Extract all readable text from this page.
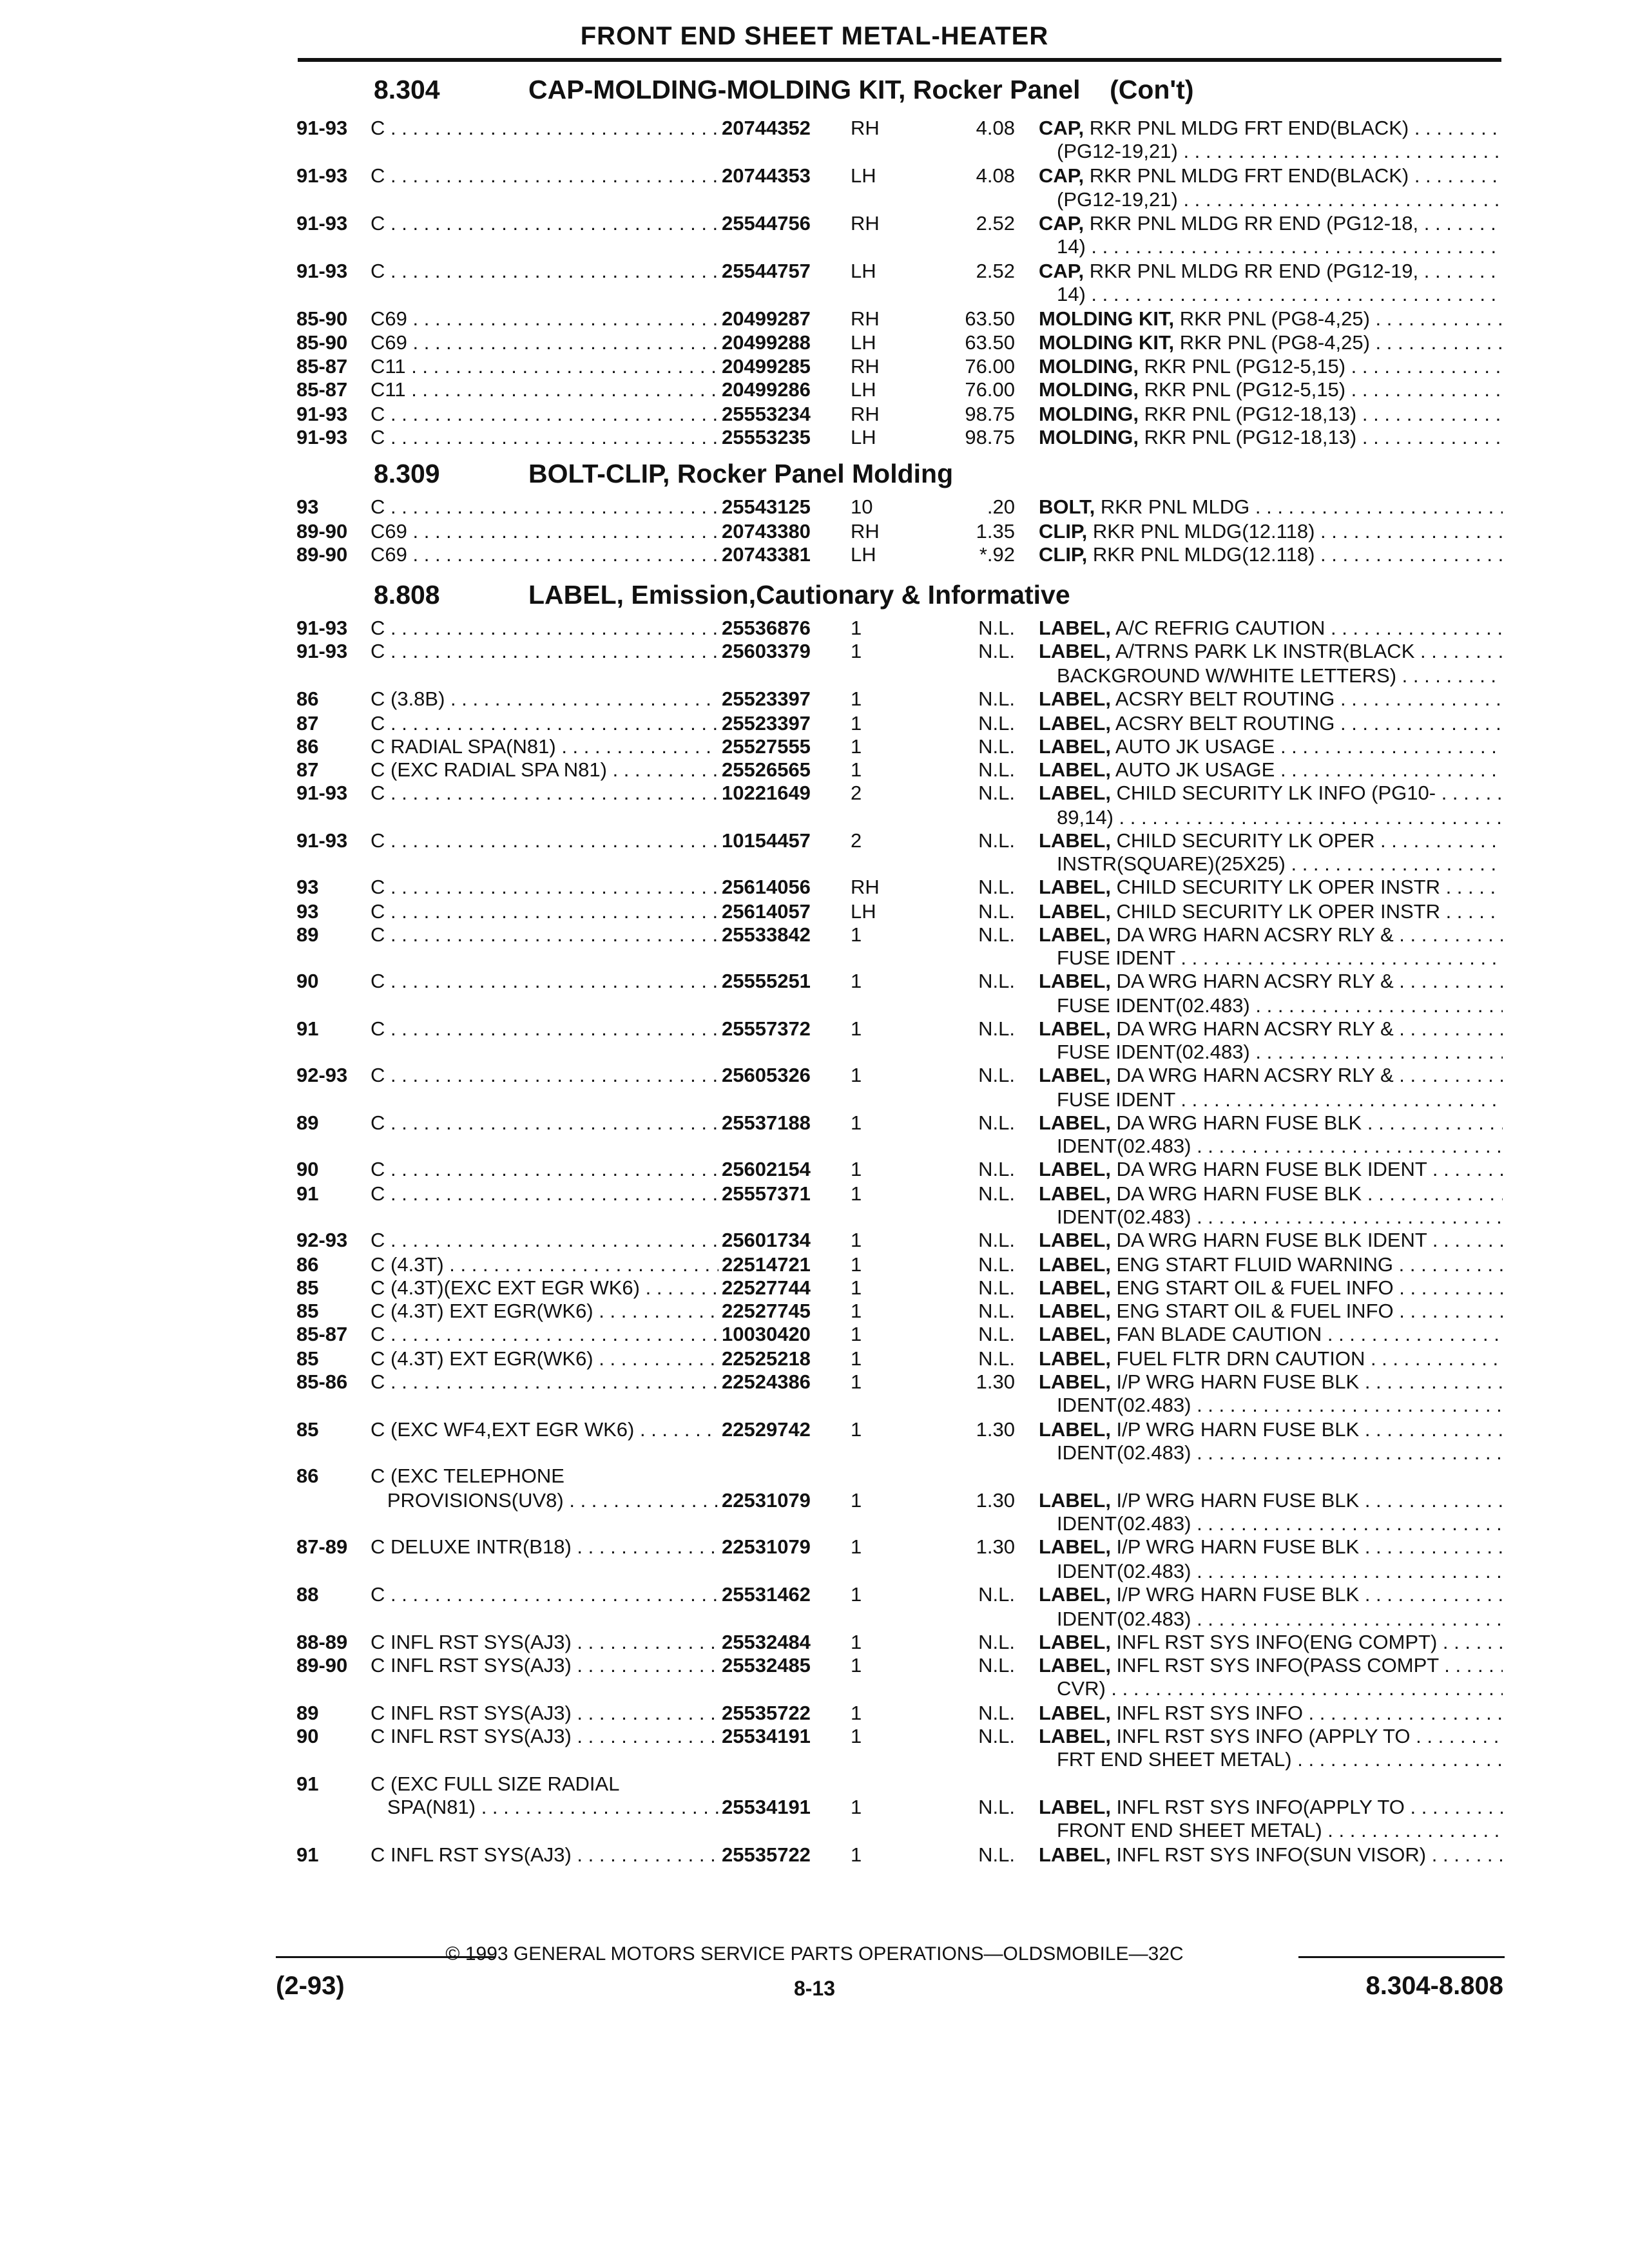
FRONT END SHEET METAL-HEATER
8.304	CAP-MOLDING-MOLDING KIT, Rocker Panel    (Con't)
8.309	BOLT-CLIP, Rocker Panel Molding
8.808	LABEL, Emission,Cautionary & Informative
91-93 C . . .	20744352 RH	4.08 CAP, RKR PNL MLDG FRT END(BLACK) . . .
(PG12-19,21) . . .
91-93 C . . .	20744353 LH	4.08 CAP, RKR PNL MLDG FRT END(BLACK) . . .
(PG12-19,21) . . .
91-93 C . . .	25544756 RH	2.52 CAP, RKR PNL MLDG RR END (PG12-18, . . .
14) . . .
91-93 C . . .	25544757 LH	2.52 CAP, RKR PNL MLDG RR END (PG12-19, . . .
14) . . .
85-90 C69 . . .	20499287 RH	63.50 MOLDING KIT, RKR PNL (PG8-4,25) . . .
85-90 C69 . . .	20499288 LH	63.50 MOLDING KIT, RKR PNL (PG8-4,25) . . .
85-87 C11 . . .	20499285 RH	76.00 MOLDING, RKR PNL (PG12-5,15) . . .
85-87 C11 . . .	20499286 LH	76.00 MOLDING, RKR PNL (PG12-5,15) . . .
91-93 C . . .	25553234 RH	98.75 MOLDING, RKR PNL (PG12-18,13) . . .
91-93 C . . .	25553235 LH	98.75 MOLDING, RKR PNL (PG12-18,13) . . .
93	C . . .	25543125 10	.20 BOLT, RKR PNL MLDG . . .
89-90 C69 . . .	20743380 RH	1.35 CLIP, RKR PNL MLDG(12.118) . . .
89-90 C69 . . .	20743381 LH	*.92 CLIP, RKR PNL MLDG(12.118) . . .
91-93 C . . .	25536876 1	N.L. LABEL, A/C REFRIG CAUTION . . .
91-93 C . . .	25603379 1	N.L. LABEL, A/TRNS PARK LK INSTR(BLACK . . .
BACKGROUND W/WHITE LETTERS) . . .
86	C (3.8B) . . .	25523397 1	N.L. LABEL, ACSRY BELT ROUTING . . .
87	C . . .	25523397 1	N.L. LABEL, ACSRY BELT ROUTING . . .
86	C RADIAL SPA(N81) . . .	25527555 1	N.L. LABEL, AUTO JK USAGE . . .
87	C (EXC RADIAL SPA N81) . . .	25526565 1	N.L. LABEL, AUTO JK USAGE . . .
91-93 C . . .	10221649 2	N.L. LABEL, CHILD SECURITY LK INFO (PG10- . . .
89,14) . . .
91-93 C . . .	10154457 2	N.L. LABEL, CHILD SECURITY LK OPER . . .
INSTR(SQUARE)(25X25) . . .
93	C . . .	25614056 RH	N.L. LABEL, CHILD SECURITY LK OPER INSTR . . .
93	C . . .	25614057 LH	N.L. LABEL, CHILD SECURITY LK OPER INSTR . . .
89	C . . .	25533842 1	N.L. LABEL, DA WRG HARN ACSRY RLY & . . .
FUSE IDENT . . .
90	C . . .	25555251 1	N.L. LABEL, DA WRG HARN ACSRY RLY & . . .
FUSE IDENT(02.483) . . .
91	C . . .	25557372 1	N.L. LABEL, DA WRG HARN ACSRY RLY & . . .
FUSE IDENT(02.483) . . .
92-93 C . . .	25605326 1	N.L. LABEL, DA WRG HARN ACSRY RLY & . . .
FUSE IDENT . . .
89	C . . .	25537188 1	N.L. LABEL, DA WRG HARN FUSE BLK . . .
IDENT(02.483) . . .
90	C . . .	25602154 1	N.L. LABEL, DA WRG HARN FUSE BLK IDENT . . .
91	C . . .	25557371 1	N.L. LABEL, DA WRG HARN FUSE BLK . . .
IDENT(02.483) . . .
92-93 C . . .	25601734 1	N.L. LABEL, DA WRG HARN FUSE BLK IDENT . . .
86	C (4.3T) . . .	22514721 1	N.L. LABEL, ENG START FLUID WARNING . . .
85	C (4.3T)(EXC EXT EGR WK6) . . .	22527744 1	N.L. LABEL, ENG START OIL & FUEL INFO . . .
85	C (4.3T) EXT EGR(WK6) . . .	22527745 1	N.L. LABEL, ENG START OIL & FUEL INFO . . .
85-87 C . . .	10030420 1	N.L. LABEL, FAN BLADE CAUTION . . .
85	C (4.3T) EXT EGR(WK6) . . .	22525218 1	N.L. LABEL, FUEL FLTR DRN CAUTION . . .
85-86 C . . .	22524386 1	1.30 LABEL, I/P WRG HARN FUSE BLK . . .
IDENT(02.483) . . .
85	C (EXC WF4,EXT EGR WK6) . . .	22529742 1	1.30 LABEL, I/P WRG HARN FUSE BLK . . .
IDENT(02.483) . . .
86	C (EXC TELEPHONE
PROVISIONS(UV8) . . .	22531079 1	1.30 LABEL, I/P WRG HARN FUSE BLK . . .
IDENT(02.483) . . .
87-89 C DELUXE INTR(B18) . . .	22531079 1	1.30 LABEL, I/P WRG HARN FUSE BLK . . .
IDENT(02.483) . . .
88	C . . .	25531462 1	N.L. LABEL, I/P WRG HARN FUSE BLK . . .
IDENT(02.483) . . .
88-89 C INFL RST SYS(AJ3) . . .	25532484 1	N.L. LABEL, INFL RST SYS INFO(ENG COMPT) . . .
89-90 C INFL RST SYS(AJ3) . . .	25532485 1	N.L. LABEL, INFL RST SYS INFO(PASS COMPT . . .
CVR) . . .
89	C INFL RST SYS(AJ3) . . .	25535722 1	N.L. LABEL, INFL RST SYS INFO . . .
90	C INFL RST SYS(AJ3) . . .	25534191 1	N.L. LABEL, INFL RST SYS INFO (APPLY TO . . .
FRT END SHEET METAL) . . .
91	C (EXC FULL SIZE RADIAL
SPA(N81) . . .	25534191 1	N.L. LABEL, INFL RST SYS INFO(APPLY TO . . .
FRONT END SHEET METAL) . . .
91	C INFL RST SYS(AJ3) . . .	25535722 1	N.L. LABEL, INFL RST SYS INFO(SUN VISOR) . . .
© 1993 GENERAL MOTORS SERVICE PARTS OPERATIONS—OLDSMOBILE—32C
(2-93)	8-13	8.304-8.808
